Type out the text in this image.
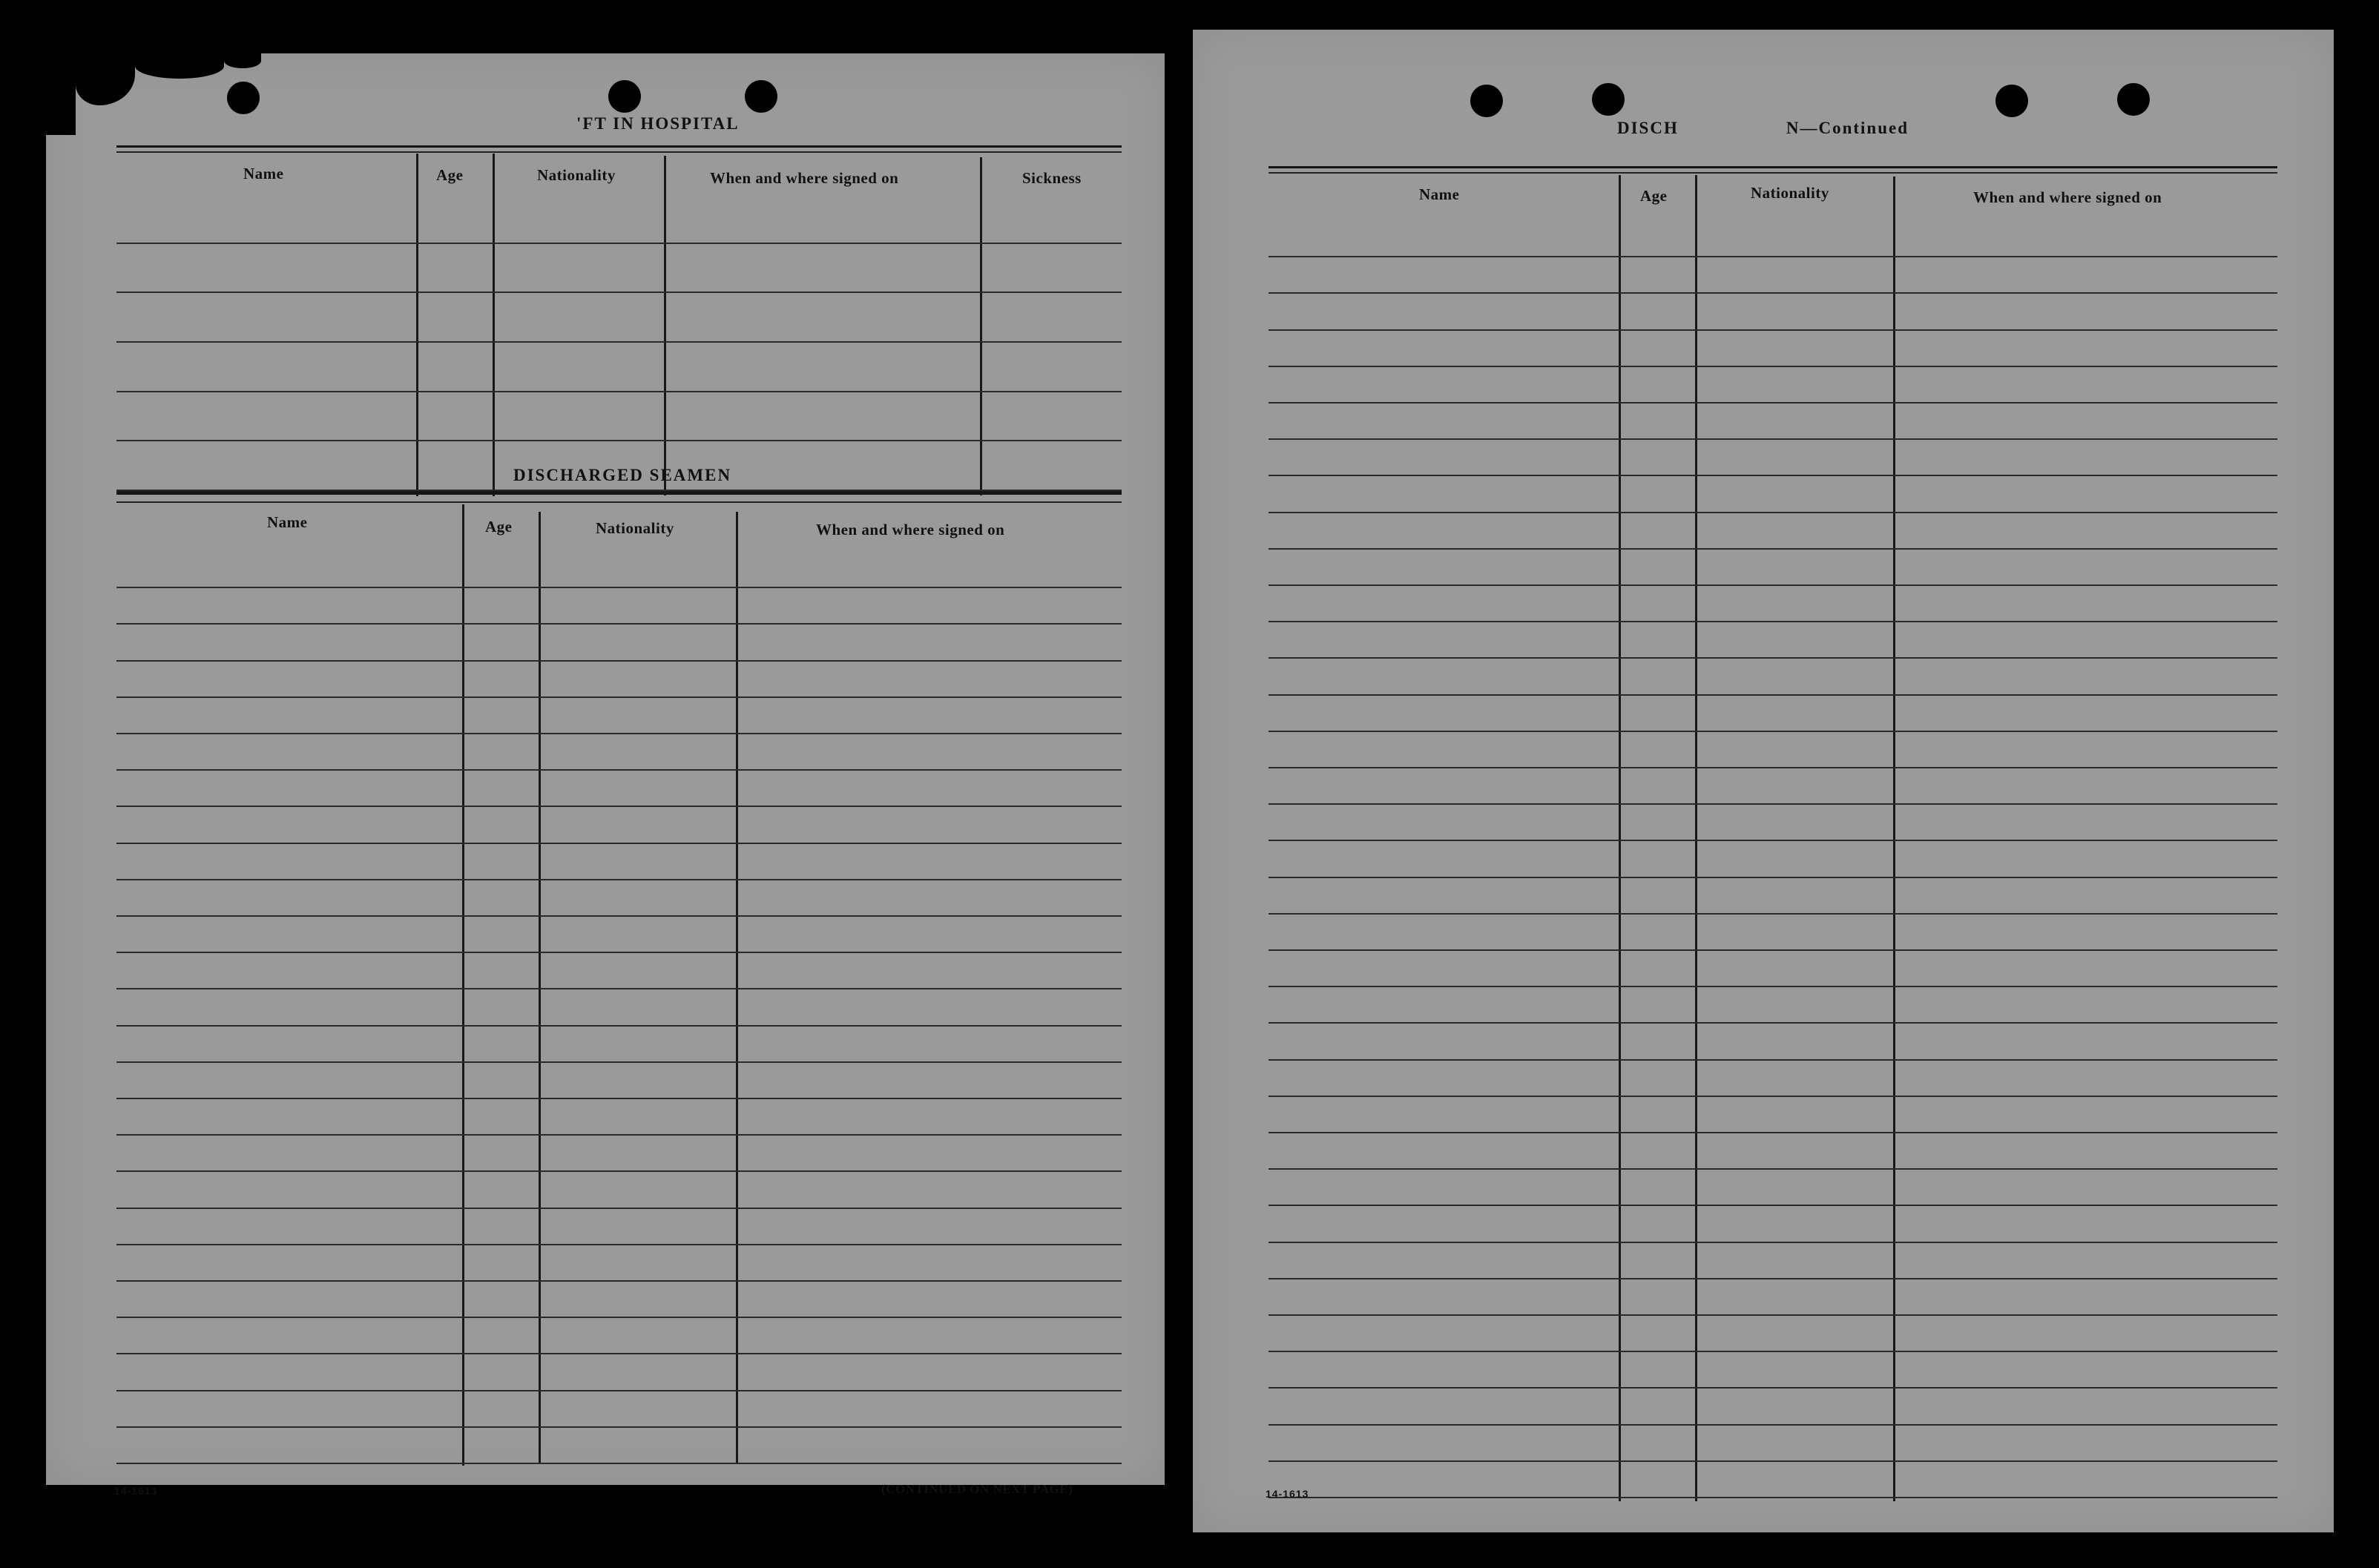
'FT IN HOSPITAL
Name	Age	Nationality	When and where signed on	Sickness
DISCHARGED SEAMEN
Name	Age	Nationality	When and where signed on
14-1613	(CONTINUED ON NEXT PAGE)
DISCH	N—Continued
Name	Age	Nationality	When and where signed on
14-1613
